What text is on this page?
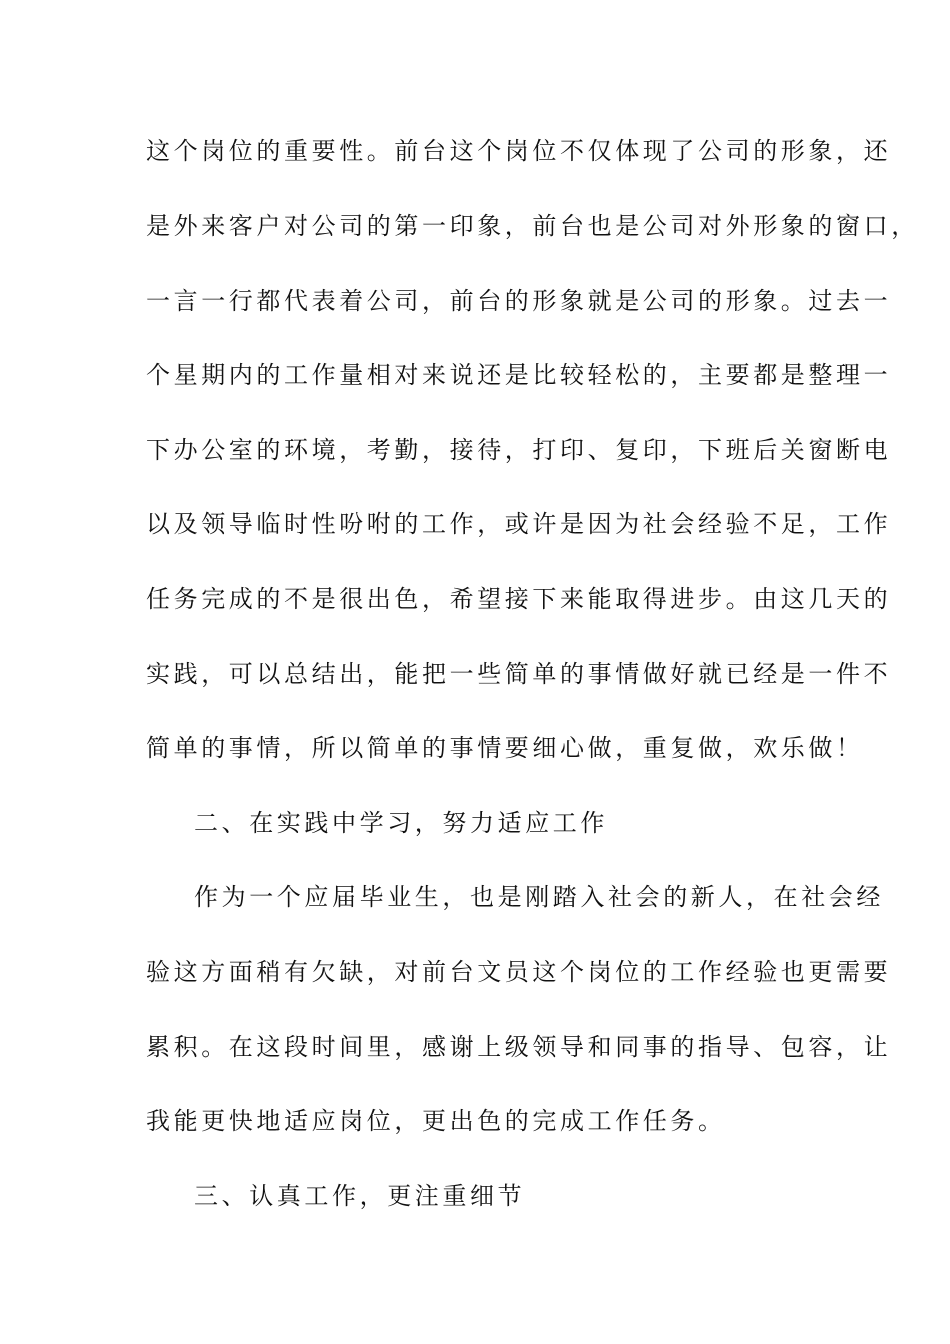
这个岗位的重要性。前台这个岗位不仅体现了公司的形象，还
是外来客户对公司的第一印象，前台也是公司对外形象的窗口，
一言一行都代表着公司，前台的形象就是公司的形象。过去一
个星期内的工作量相对来说还是比较轻松的，主要都是整理一
下办公室的环境，考勤，接待，打印、复印，下班后关窗断电
以及领导临时性吩咐的工作，或许是因为社会经验不足，工作
任务完成的不是很出色，希望接下来能取得进步。由这几天的
实践，可以总结出，能把一些简单的事情做好就已经是一件不
简单的事情，所以简单的事情要细心做，重复做，欢乐做！
二、在实践中学习，努力适应工作
作为一个应届毕业生，也是刚踏入社会的新人，在社会经
验这方面稍有欠缺，对前台文员这个岗位的工作经验也更需要
累积。在这段时间里，感谢上级领导和同事的指导、包容，让
我能更快地适应岗位，更出色的完成工作任务。
三、认真工作，更注重细节
